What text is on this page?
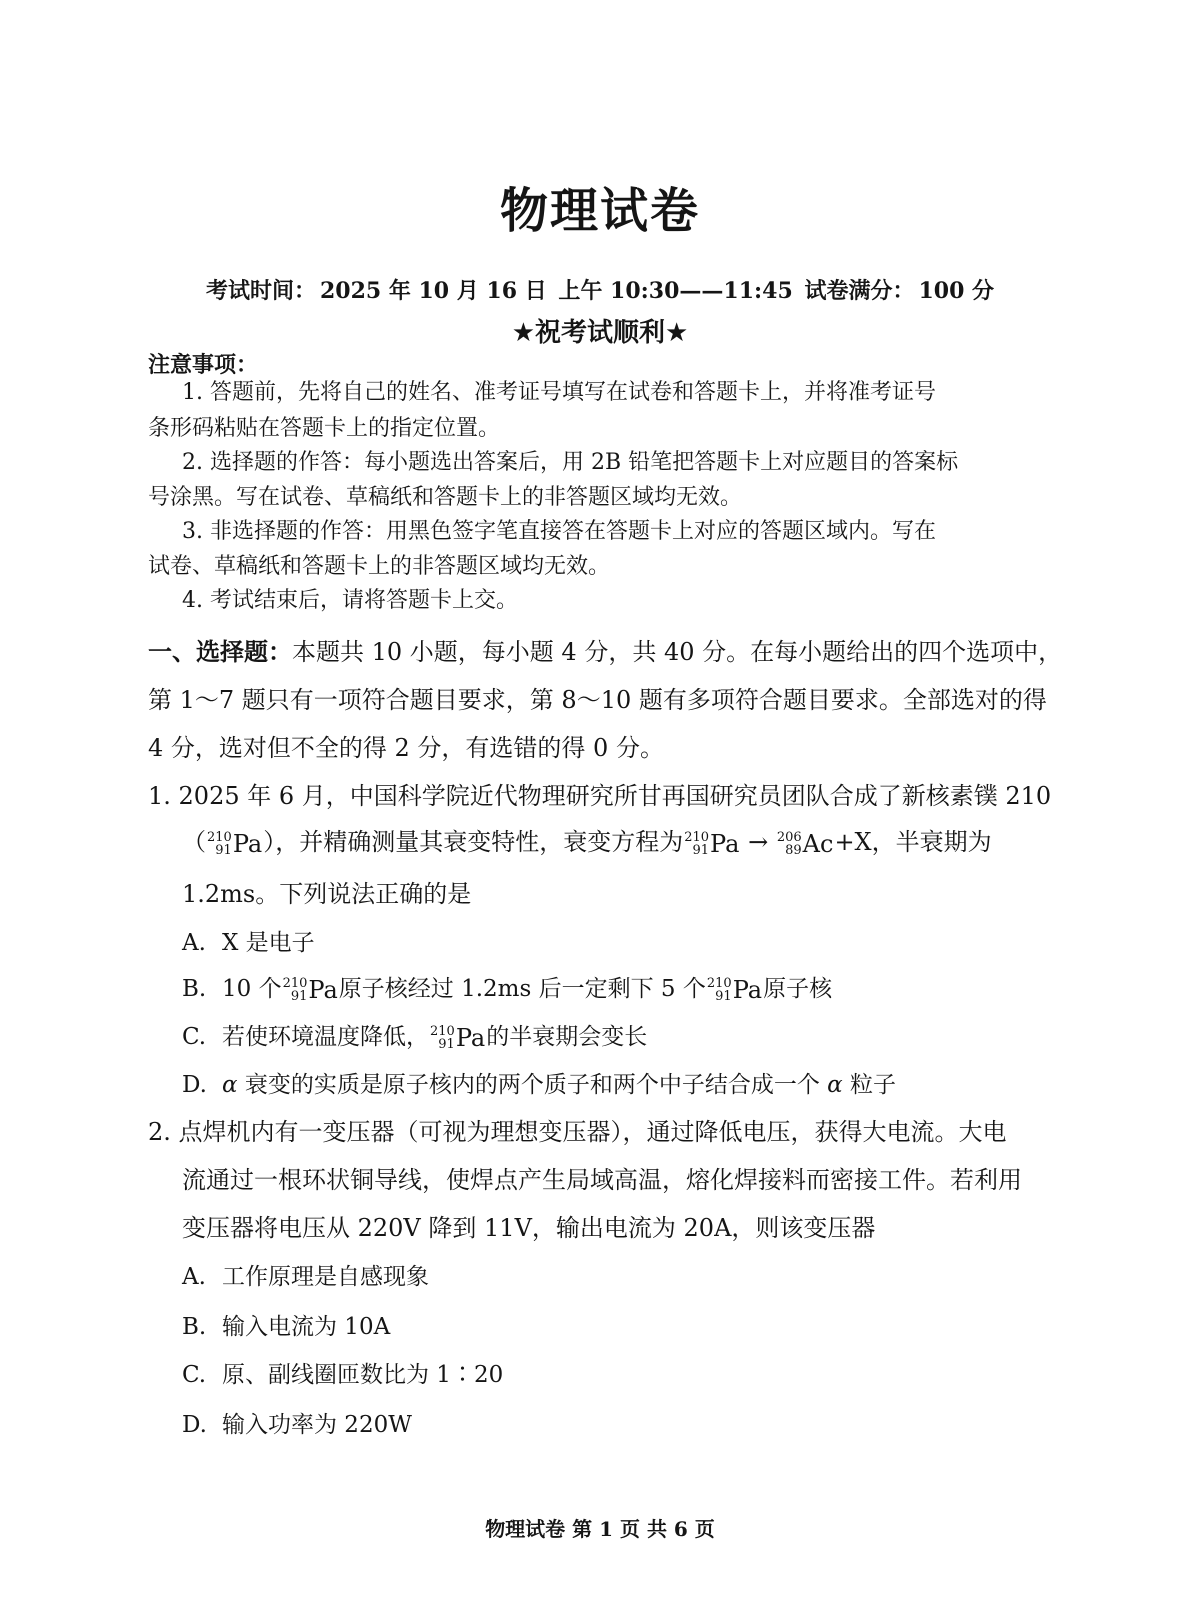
物理试卷
考试时间： 2025 年 10 月 16 日 上午 10:30——11:45 试卷满分： 100 分
★祝考试顺利★
注意事项：
1. 答题前，先将自己的姓名、准考证号填写在试卷和答题卡上，并将准考证号
条形码粘贴在答题卡上的指定位置。
2. 选择题的作答：每小题选出答案后，用 2B 铅笔把答题卡上对应题目的答案标
号涂黑。写在试卷、草稿纸和答题卡上的非答题区域均无效。
3. 非选择题的作答：用黑色签字笔直接答在答题卡上对应的答题区域内。写在
试卷、草稿纸和答题卡上的非答题区域均无效。
4. 考试结束后，请将答题卡上交。
一、选择题：本题共 10 小题，每小题 4 分，共 40 分。在每小题给出的四个选项中，
第 1～7 题只有一项符合题目要求，第 8～10 题有多项符合题目要求。全部选对的得
4 分，选对但不全的得 2 分，有选错的得 0 分。
1. 2025 年 6 月，中国科学院近代物理研究所甘再国研究员团队合成了新核素镤 210
（ 210
91 Pa ），并精确测量其衰变特性，衰变方程为 210
91 Pa → 206
89 Ac +X，半衰期为
1.2ms。下列说法正确的是
A. X 是电子
B. 10 个 210
91 Pa 原子核经过 1.2ms 后一定剩下 5 个 210
91 Pa 原子核
C. 若使环境温度降低， 210
91 Pa 的半衰期会变长
D. α 衰变的实质是原子核内的两个质子和两个中子结合成一个 α 粒子
2. 点焊机内有一变压器（可视为理想变压器），通过降低电压，获得大电流。大电
流通过一根环状铜导线，使焊点产生局域高温，熔化焊接料而密接工件。若利用
变压器将电压从 220V 降到 11V，输出电流为 20A，则该变压器
A. 工作原理是自感现象
B. 输入电流为 10A
C. 原、副线圈匝数比为 1∶20
D. 输入功率为 220W
物理试卷 第 1 页 共 6 页
